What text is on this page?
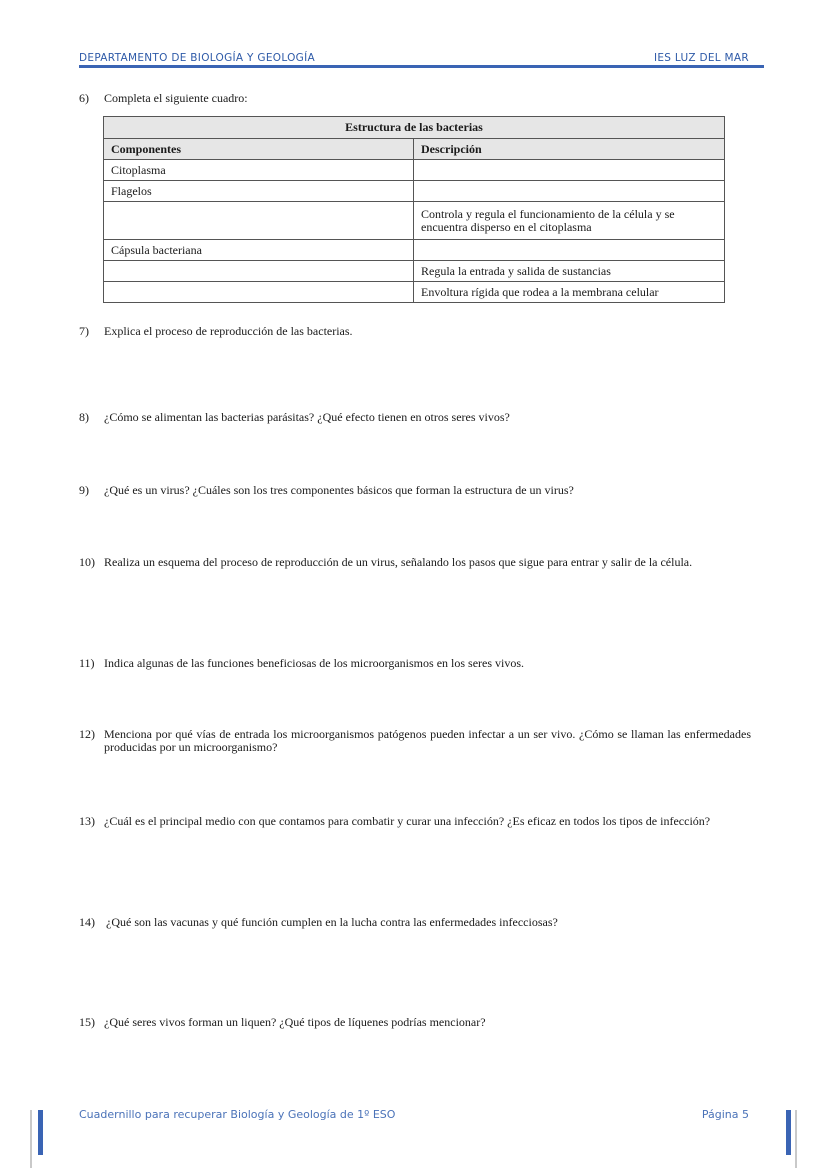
DEPARTAMENTO DE BIOLOGÍA Y GEOLOGÍA	IES LUZ DEL MAR
6) Completa el siguiente cuadro:
Estructura de las bacterias	
Componentes	Descripción
Citoplasma	
Flagelos	
	Controla y regula el funcionamiento de la célula y se encuentra disperso en el citoplasma
Cápsula bacteriana	
	Regula la entrada y salida de sustancias
	Envoltura rígida que rodea a la membrana celular
7) Explica el proceso de reproducción de las bacterias.
8) ¿Cómo se alimentan las bacterias parásitas? ¿Qué efecto tienen en otros seres vivos?
9) ¿Qué es un virus? ¿Cuáles son los tres componentes básicos que forman la estructura de un virus?
10) Realiza un esquema del proceso de reproducción de un virus, señalando los pasos que sigue para entrar y salir de la célula.
11) Indica algunas de las funciones beneficiosas de los microorganismos en los seres vivos.
12) Menciona por qué vías de entrada los microorganismos patógenos pueden infectar a un ser vivo. ¿Cómo se llaman las enfermedades producidas por un microorganismo?
13) ¿Cuál es el principal medio con que contamos para combatir y curar una infección? ¿Es eficaz en todos los tipos de infección?
14) ¿Qué son las vacunas y qué función cumplen en la lucha contra las enfermedades infecciosas?
15) ¿Qué seres vivos forman un liquen? ¿Qué tipos de líquenes podrías mencionar?
Cuadernillo para recuperar Biología y Geología de 1º ESO	Página 5
